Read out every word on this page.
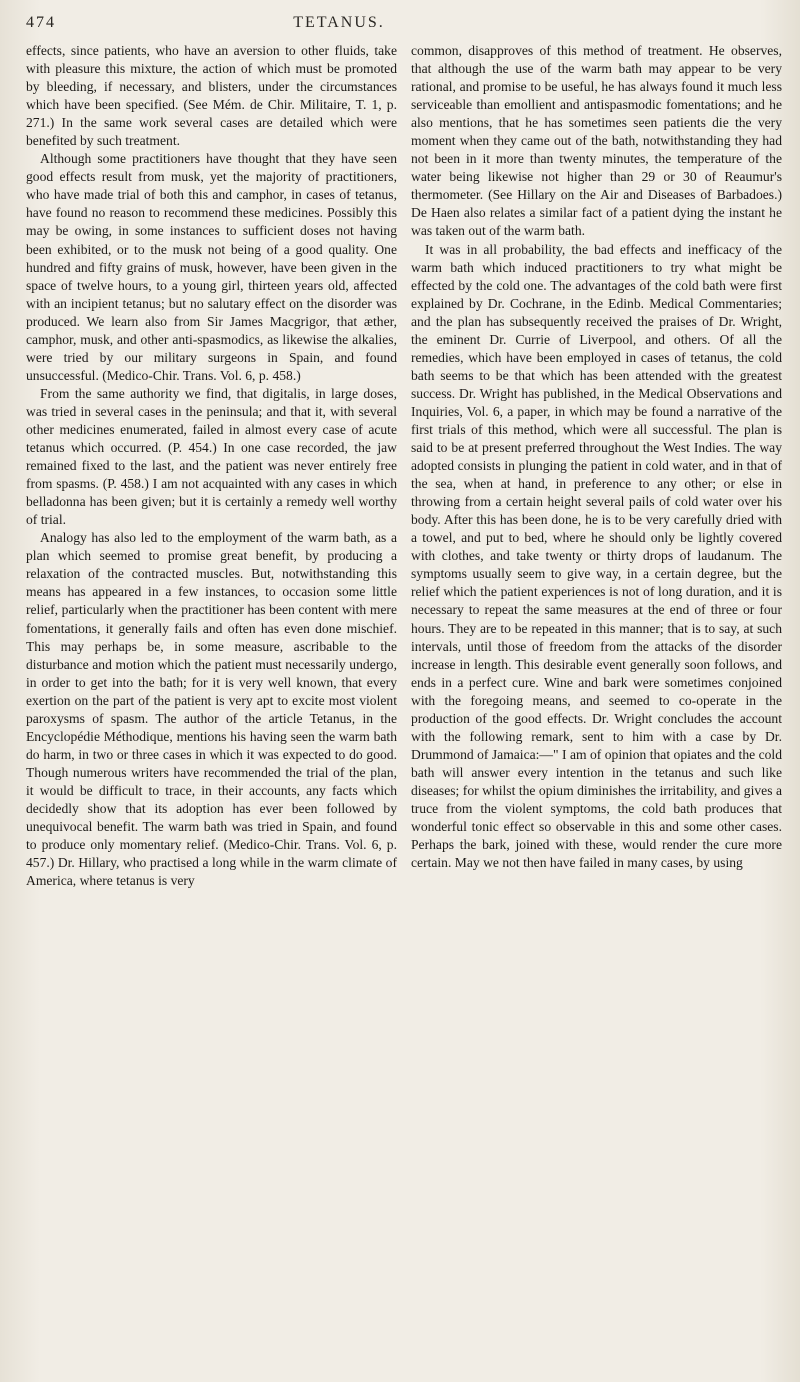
474	TETANUS.

effects, since patients, who have an aversion to other fluids, take with pleasure this mixture, the action of which must be promoted by bleeding, if necessary, and blisters, under the circumstances which have been specified. (See Mém. de Chir. Militaire, T. 1, p. 271.) In the same work several cases are detailed which were benefited by such treatment.

Although some practitioners have thought that they have seen good effects result from musk, yet the majority of practitioners, who have made trial of both this and camphor, in cases of tetanus, have found no reason to recommend these medicines. Possibly this may be owing, in some instances to sufficient doses not having been exhibited, or to the musk not being of a good quality. One hundred and fifty grains of musk, however, have been given in the space of twelve hours, to a young girl, thirteen years old, affected with an incipient tetanus; but no salutary effect on the disorder was produced. We learn also from Sir James Macgrigor, that æther, camphor, musk, and other anti-spasmodics, as likewise the alkalies, were tried by our military surgeons in Spain, and found unsuccessful. (Medico-Chir. Trans. Vol. 6, p. 458.)

From the same authority we find, that digitalis, in large doses, was tried in several cases in the peninsula; and that it, with several other medicines enumerated, failed in almost every case of acute tetanus which occurred. (P. 454.) In one case recorded, the jaw remained fixed to the last, and the patient was never entirely free from spasms. (P. 458.) I am not acquainted with any cases in which belladonna has been given; but it is certainly a remedy well worthy of trial.

Analogy has also led to the employment of the warm bath, as a plan which seemed to promise great benefit, by producing a relaxation of the contracted muscles. But, notwithstanding this means has appeared in a few instances, to occasion some little relief, particularly when the practitioner has been content with mere fomentations, it generally fails and often has even done mischief. This may perhaps be, in some measure, ascribable to the disturbance and motion which the patient must necessarily undergo, in order to get into the bath; for it is very well known, that every exertion on the part of the patient is very apt to excite most violent paroxysms of spasm. The author of the article Tetanus, in the Encyclopédie Méthodique, mentions his having seen the warm bath do harm, in two or three cases in which it was expected to do good. Though numerous writers have recommended the trial of the plan, it would be difficult to trace, in their accounts, any facts which decidedly show that its adoption has ever been followed by unequivocal benefit. The warm bath was tried in Spain, and found to produce only momentary relief. (Medico-Chir. Trans. Vol. 6, p. 457.) Dr. Hillary, who practised a long while in the warm climate of America, where tetanus is very

common, disapproves of this method of treatment. He observes, that although the use of the warm bath may appear to be very rational, and promise to be useful, he has always found it much less serviceable than emollient and antispasmodic fomentations; and he also mentions, that he has sometimes seen patients die the very moment when they came out of the bath, notwithstanding they had not been in it more than twenty minutes, the temperature of the water being likewise not higher than 29 or 30 of Reaumur's thermometer. (See Hillary on the Air and Diseases of Barbadoes.) De Haen also relates a similar fact of a patient dying the instant he was taken out of the warm bath.

It was in all probability, the bad effects and inefficacy of the warm bath which induced practitioners to try what might be effected by the cold one. The advantages of the cold bath were first explained by Dr. Cochrane, in the Edinb. Medical Commentaries; and the plan has subsequently received the praises of Dr. Wright, the eminent Dr. Currie of Liverpool, and others. Of all the remedies, which have been employed in cases of tetanus, the cold bath seems to be that which has been attended with the greatest success. Dr. Wright has published, in the Medical Observations and Inquiries, Vol. 6, a paper, in which may be found a narrative of the first trials of this method, which were all successful. The plan is said to be at present preferred throughout the West Indies. The way adopted consists in plunging the patient in cold water, and in that of the sea, when at hand, in preference to any other; or else in throwing from a certain height several pails of cold water over his body. After this has been done, he is to be very carefully dried with a towel, and put to bed, where he should only be lightly covered with clothes, and take twenty or thirty drops of laudanum. The symptoms usually seem to give way, in a certain degree, but the relief which the patient experiences is not of long duration, and it is necessary to repeat the same measures at the end of three or four hours. They are to be repeated in this manner; that is to say, at such intervals, until those of freedom from the attacks of the disorder increase in length. This desirable event generally soon follows, and ends in a perfect cure. Wine and bark were sometimes conjoined with the foregoing means, and seemed to co-operate in the production of the good effects. Dr. Wright concludes the account with the following remark, sent to him with a case by Dr. Drummond of Jamaica:—" I am of opinion that opiates and the cold bath will answer every intention in the tetanus and such like diseases; for whilst the opium diminishes the irritability, and gives a truce from the violent symptoms, the cold bath produces that wonderful tonic effect so observable in this and some other cases. Perhaps the bark, joined with these, would render the cure more certain. May we not then have failed in many cases, by using
